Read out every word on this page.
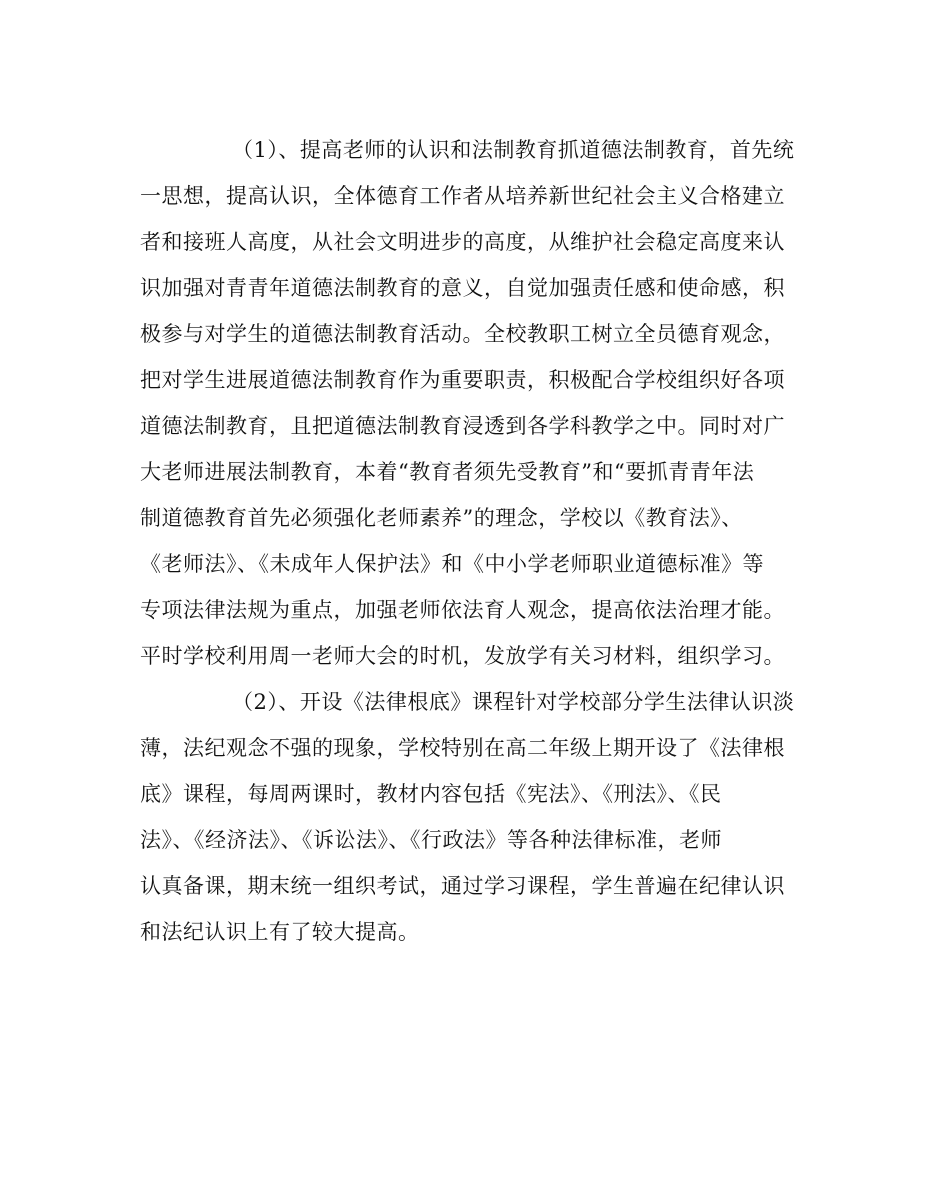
（1）、提高老师的认识和法制教育抓道德法制教育，首先统
一思想，提高认识，全体德育工作者从培养新世纪社会主义合格建立
者和接班人高度，从社会文明进步的高度，从维护社会稳定高度来认
识加强对青青年道德法制教育的意义，自觉加强责任感和使命感，积
极参与对学生的道德法制教育活动。全校教职工树立全员德育观念，
把对学生进展道德法制教育作为重要职责，积极配合学校组织好各项
道德法制教育，且把道德法制教育浸透到各学科教学之中。同时对广
大老师进展法制教育，本着“教育者须先受教育”和“要抓青青年法
制道德教育首先必须强化老师素养”的理念，学校以《教育法》、
《老师法》、《未成年人保护法》和《中小学老师职业道德标准》等
专项法律法规为重点，加强老师依法育人观念，提高依法治理才能。
平时学校利用周一老师大会的时机，发放学有关习材料，组织学习。
（2）、开设《法律根底》课程针对学校部分学生法律认识淡
薄，法纪观念不强的现象，学校特别在高二年级上期开设了《法律根
底》课程，每周两课时，教材内容包括《宪法》、《刑法》、《民
法》、《经济法》、《诉讼法》、《行政法》等各种法律标准，老师
认真备课，期末统一组织考试，通过学习课程，学生普遍在纪律认识
和法纪认识上有了较大提高。
